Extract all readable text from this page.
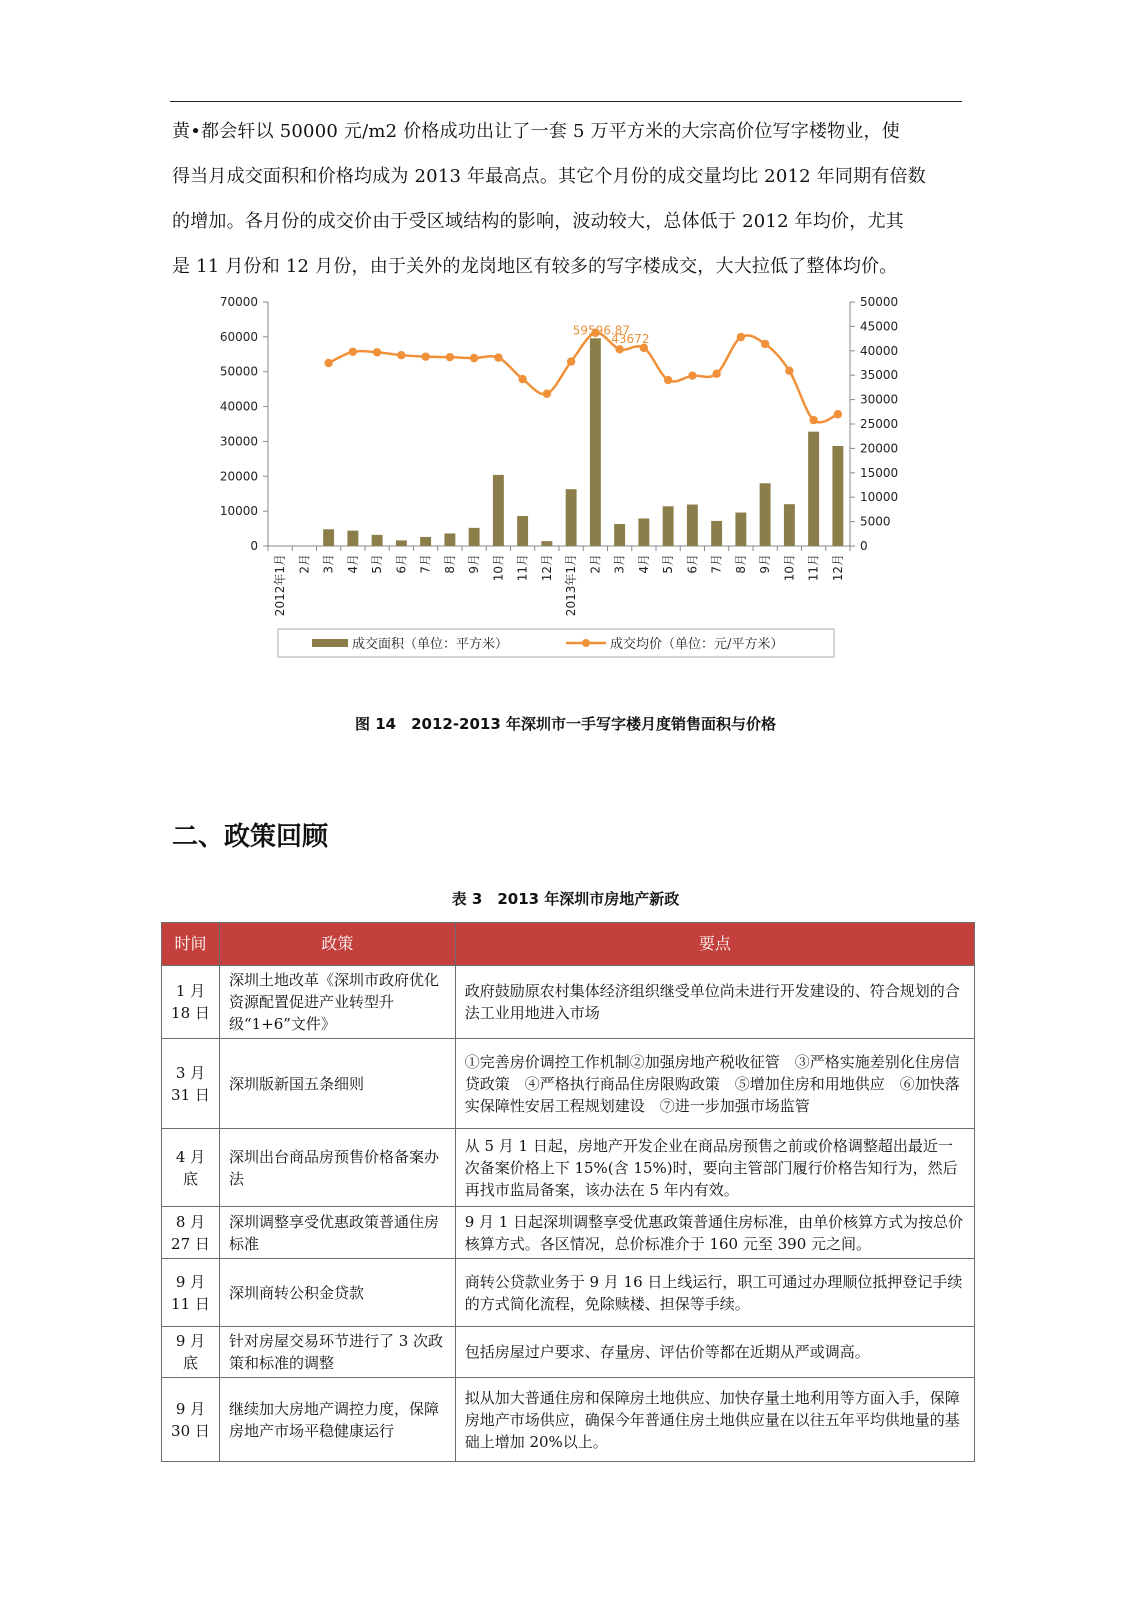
黄•都会轩以 50000 元/m2 价格成功出让了一套 5 万平方米的大宗高价位写字楼物业，使
得当月成交面积和价格均成为 2013 年最高点。其它个月份的成交量均比 2012 年同期有倍数
的增加。各月份的成交价由于受区域结构的影响，波动较大，总体低于 2012 年均价，尤其
是 11 月份和 12 月份，由于关外的龙岗地区有较多的写字楼成交，大大拉低了整体均价。

0
10000
20000
30000
40000
50000
60000
70000
0
5000
10000
15000
20000
25000
30000
35000
40000
45000
50000
2012年1月 2月 3月 4月 5月 6月 7月 8月 9月 10月 11月 12月 2013年1月 2月 3月 4月 5月 6月 7月 8月 9月 10月 11月 12月
59596.87
43672
成交面积（单位：平方米）	成交均价（单位：元/平方米）
图 14　2012-2013 年深圳市一手写字楼月度销售面积与价格
二、政策回顾
表 3　2013 年深圳市房地产新政
时间	政策	要点
1 月
18 日	深圳土地改革《深圳市政府优化资源配置促进产业转型升级“1+6”文件》	政府鼓励原农村集体经济组织继受单位尚未进行开发建设的、符合规划的合法工业用地进入市场
3 月
31 日	深圳版新国五条细则	①完善房价调控工作机制②加强房地产税收征管　③严格实施差别化住房信贷政策　④严格执行商品住房限购政策　⑤增加住房和用地供应　⑥加快落实保障性安居工程规划建设　⑦进一步加强市场监管
4 月
底	深圳出台商品房预售价格备案办法	从 5 月 1 日起，房地产开发企业在商品房预售之前或价格调整超出最近一次备案价格上下 15%(含 15%)时，要向主管部门履行价格告知行为，然后再找市监局备案，该办法在 5 年内有效。
8 月
27 日	深圳调整享受优惠政策普通住房标准	9 月 1 日起深圳调整享受优惠政策普通住房标准，由单价核算方式为按总价核算方式。各区情况，总价标准介于 160 元至 390 元之间。
9 月
11 日	深圳商转公积金贷款	商转公贷款业务于 9 月 16 日上线运行，职工可通过办理顺位抵押登记手续的方式简化流程，免除赎楼、担保等手续。
9 月
底	针对房屋交易环节进行了 3 次政策和标准的调整	包括房屋过户要求、存量房、评估价等都在近期从严或调高。
9 月
30 日	继续加大房地产调控力度，保障房地产市场平稳健康运行	拟从加大普通住房和保障房土地供应、加快存量土地利用等方面入手，保障房地产市场供应，确保今年普通住房土地供应量在以往五年平均供地量的基础上增加 20%以上。
